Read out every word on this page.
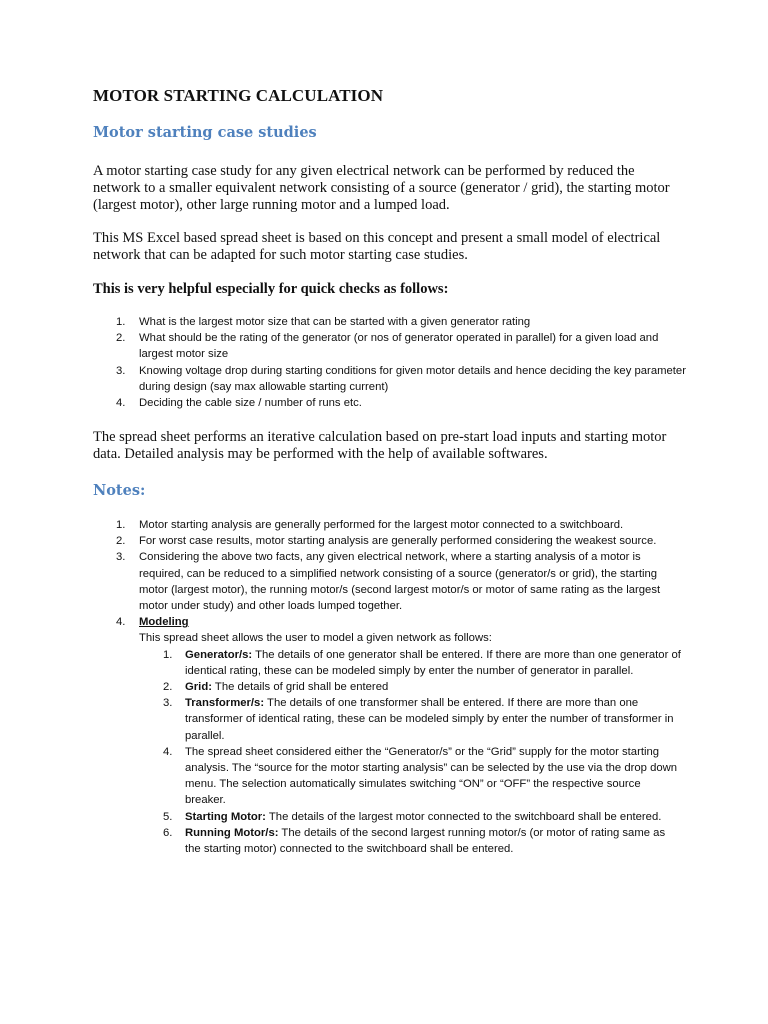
MOTOR STARTING CALCULATION
Motor starting case studies

A motor starting case study for any given electrical network can be performed by reduced the network to a smaller equivalent network consisting of a source (generator / grid), the starting motor (largest motor), other large running motor and a lumped load.

This MS Excel based spread sheet is based on this concept and present a small model of electrical network that can be adapted for such motor starting case studies.

This is very helpful especially for quick checks as follows:
1. What is the largest motor size that can be started with a given generator rating
2. What should be the rating of the generator (or nos of generator operated in parallel) for a given load and largest motor size
3. Knowing voltage drop during starting conditions for given motor details and hence deciding the key parameter during design (say max allowable starting current)
4. Deciding the cable size / number of runs etc.

The spread sheet performs an iterative calculation based on pre-start load inputs and starting motor data. Detailed analysis may be performed with the help of available softwares.

Notes:
1. Motor starting analysis are generally performed for the largest motor connected to a switchboard.
2. For worst case results, motor starting analysis are generally performed considering the weakest source.
3. Considering the above two facts, any given electrical network, where a starting analysis of a motor is required, can be reduced to a simplified network consisting of a source (generator/s or grid), the starting motor (largest motor), the running motor/s (second largest motor/s or motor of same rating as the largest motor under study) and other loads lumped together.
4. Modeling
This spread sheet allows the user to model a given network as follows:
1. Generator/s: The details of one generator shall be entered. If there are more than one generator of identical rating, these can be modeled simply by enter the number of generator in parallel.
2. Grid: The details of grid shall be entered
3. Transformer/s: The details of one transformer shall be entered. If there are more than one transformer of identical rating, these can be modeled simply by enter the number of transformer in parallel.
4. The spread sheet considered either the “Generator/s” or the “Grid” supply for the motor starting analysis. The “source for the motor starting analysis” can be selected by the use via the drop down menu. The selection automatically simulates switching “ON” or “OFF” the respective source breaker.
5. Starting Motor: The details of the largest motor connected to the switchboard shall be entered.
6. Running Motor/s: The details of the second largest running motor/s (or motor of rating same as the starting motor) connected to the switchboard shall be entered.
